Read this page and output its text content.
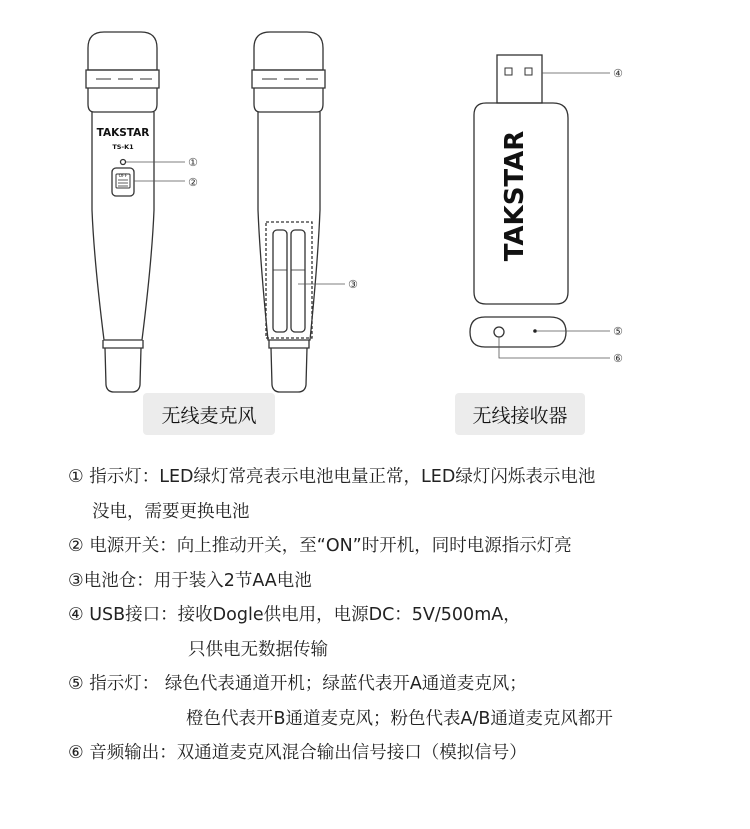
TAKSTAR
TS-K1
OFF
①
②
③
TAKSTAR
④
⑤
⑥
无线麦克风	无线接收器
① 指示灯：LED绿灯常亮表示电池电量正常，LED绿灯闪烁表示电池
没电，需要更换电池
② 电源开关：向上推动开关，至“ON”时开机，同时电源指示灯亮
③电池仓：用于装入2节AA电池
④ USB接口：接收Dogle供电用，电源DC：5V/500mA，
只供电无数据传输
⑤ 指示灯： 绿色代表通道开机；绿蓝代表开A通道麦克风；
橙色代表开B通道麦克风；粉色代表A/B通道麦克风都开
⑥ 音频输出：双通道麦克风混合输出信号接口（模拟信号）
